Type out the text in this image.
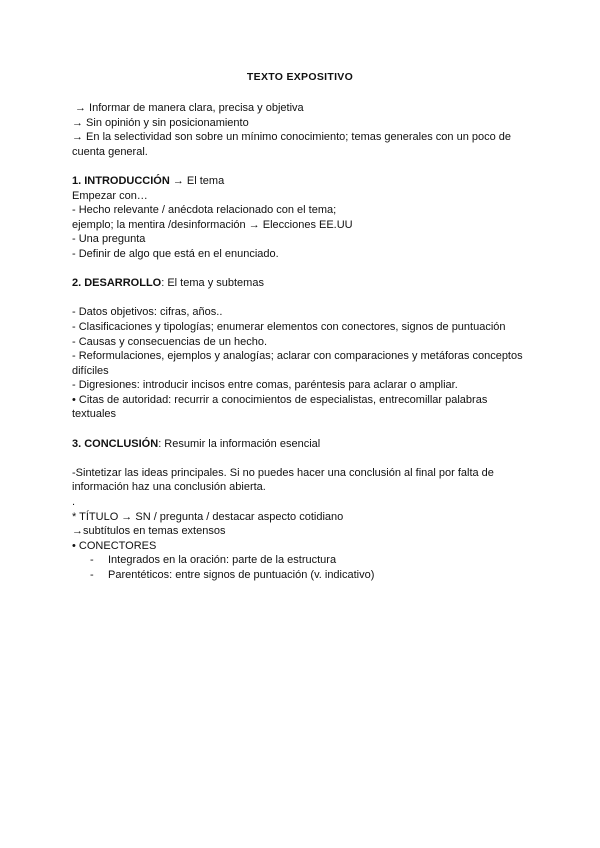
TEXTO EXPOSITIVO

→ Informar de manera clara, precisa y objetiva

→ Sin opinión y sin posicionamiento

→ En la selectividad son sobre un mínimo conocimiento; temas generales con un poco de cuenta general.

1. INTRODUCCIÓN → El tema

Empezar con…

- Hecho relevante / anécdota relacionado con el tema;

ejemplo; la mentira /desinformación → Elecciones EE.UU

- Una pregunta

- Definir de algo que está en el enunciado.

2. DESARROLLO: El tema y subtemas

- Datos objetivos: cifras, años..

- Clasificaciones y tipologías; enumerar elementos con conectores, signos de puntuación

- Causas y consecuencias de un hecho.

- Reformulaciones, ejemplos y analogías; aclarar con comparaciones y metáforas conceptos difíciles

- Digresiones: introducir incisos entre comas, paréntesis para aclarar o ampliar.

• Citas de autoridad: recurrir a conocimientos de especialistas, entrecomillar palabras textuales

3. CONCLUSIÓN: Resumir la información esencial

-Sintetizar las ideas principales. Si no puedes hacer una conclusión al final por falta de información haz una conclusión abierta.

.

* TÍTULO → SN / pregunta / destacar aspecto cotidiano

→subtítulos en temas extensos

• CONECTORES

-	Integrados en la oración: parte de la estructura
-	Parentéticos: entre signos de puntuación (v. indicativo)
